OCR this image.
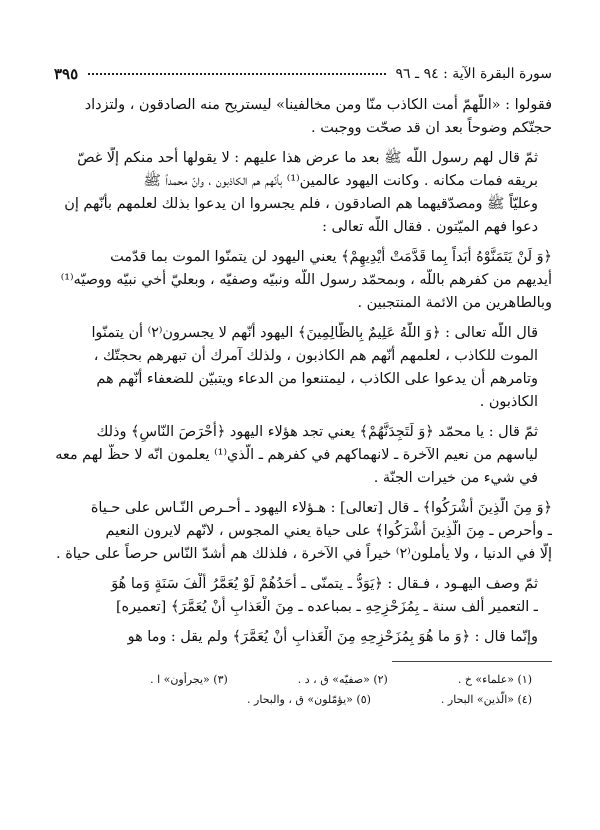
سورة البقرة الآية : ٩٤ ـ ٩٦
٣٩٥
فقولوا : «اللّهمّ أمت الكاذب منّا ومن مخالفينا» ليستريح منه الصادقون ، ولتزداد
حجتّكم وضوحاً بعد ان قد صحّت ووجبت .
ثمّ قال لهم رسول اللّه ﷺ بعد ما عرض هذا عليهم : لا يقولها أحد منكم إلّا غصّ
بريقه فمات مكانه . وكانت اليهود عالمين⁽¹⁾ بأنّهم هم الكاذبون ، وانّ محمداً ﷺ
وعليّاً ﷺ ومصدّقيهما هم الصادقون ، فلم يجسروا ان يدعوا بذلك لعلمهم بأنّهم إن
دعوا فهم الميّتون . فقال اللّه تعالى :
﴿وَ لَنْ يَتَمَنَّوْهُ أَبَداً بِما قَدَّمَتْ أَيْدِيهِمْ﴾ يعني اليهود لن يتمنّوا الموت بما قدّمت
أيديهم من كفرهم باللّه ، وبمحمّد رسول اللّه ونبيّه وصفيّه ، وبعليّ أخي نبيّه ووصيّه⁽¹⁾
وبالطاهرين من الائمة المنتجبين .
قال اللّه تعالى : ﴿وَ اللّهُ عَلِيمٌ بِالظّالِمِينَ﴾ اليهود أنّهم لا يجسرون⁽٢⁾ أن يتمنّوا
الموت للكاذب ، لعلمهم أنّهم هم الكاذبون ، ولذلك آمرك أن تبهرهم بحجتّك ،
وتامرهم أن يدعوا على الكاذب ، ليمتنعوا من الدعاء ويتبيّن للضعفاء أنّهم هم
الكاذبون .
ثمّ قال : يا محمّد ﴿وَ لَتَجِدَنَّهُمْ﴾ يعني تجد هؤلاء اليهود ﴿أَحْرَصَ النّاسِ﴾ وذلك
لياسهم من نعيم الآخرة ـ لانهماكهم في كفرهم ـ الّذي⁽¹⁾ يعلمون انّه لا حظّ لهم معه
في شيء من خيرات الجنّة .
﴿وَ مِنَ الَّذِينَ أَشْرَكُوا﴾ ـ قال [تعالى] : هـؤلاء اليهود ـ أحـرص النّـاس على حـياة
ـ وأحرص ـ مِنَ الَّذِينَ أَشْرَكُوا﴾ على حياة يعني المجوس ، لانّهم لايرون النعيم
إلّا في الدنيا ، ولا يأملون⁽٢⁾ خيراً في الآخرة ، فلذلك هم أشدّ النّاس حرصاً على حياة .
ثمّ وصف اليهـود ، فـقال : ﴿يَوَدُّ ـ يتمنّى ـ أَحَدُهُمْ لَوْ يُعَمَّرُ أَلْفَ سَنَةٍ وَما هُوَ
ـ التعمير ألف سنة ـ بِمُزَحْزِحِهِ ـ بمباعده ـ مِنَ الْعَذابِ أَنْ يُعَمَّرَ﴾ [تعميره]
وإنّما قال : ﴿وَ ما هُوَ بِمُزَحْزِحِهِ مِنَ الْعَذابِ أَنْ يُعَمَّرَ﴾ ولم يقل : وما هو
(١) «علماء» خ .
(٢) «صفيّه» ق ، د .
(٣) «يجرأون» ا .
(٤) «الّذين» البحار .
(٥) «يؤمّلون» ق ، والبحار .
